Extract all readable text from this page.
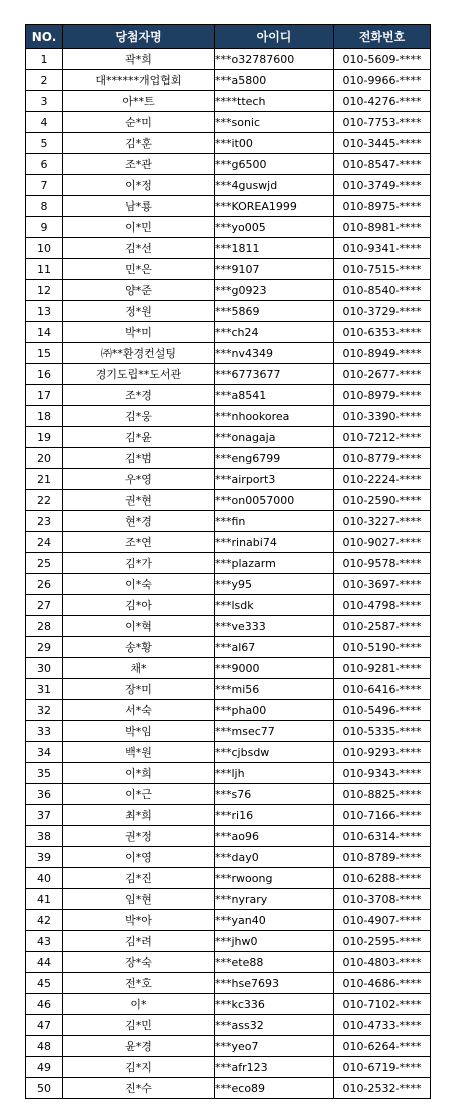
NO.	당첨자명	아이디	전화번호
1	곽*희	***o32787600	010-5609-****
2	대******개업협회	***a5800	010-9966-****
3	아**트	****ttech	010-4276-****
4	순*미	***sonic	010-7753-****
5	김*훈	***it00	010-3445-****
6	조*관	***g6500	010-8547-****
7	이*정	***4guswjd	010-3749-****
8	남*룡	***KOREA1999	010-8975-****
9	이*민	***yo005	010-8981-****
10	김*선	***1811	010-9341-****
11	민*은	***9107	010-7515-****
12	양*준	***g0923	010-8540-****
13	정*원	***5869	010-3729-****
14	박*미	***ch24	010-6353-****
15	㈜**환경컨설팅	***nv4349	010-8949-****
16	경기도립**도서관	***6773677	010-2677-****
17	조*경	***a8541	010-8979-****
18	김*웅	***nhookorea	010-3390-****
19	김*윤	***onagaja	010-7212-****
20	김*범	***eng6799	010-8779-****
21	우*영	***airport3	010-2224-****
22	권*현	***on0057000	010-2590-****
23	현*경	***fin	010-3227-****
24	조*연	***rinabi74	010-9027-****
25	김*가	***plazarm	010-9578-****
26	이*숙	***y95	010-3697-****
27	김*아	***lsdk	010-4798-****
28	이*혁	***ve333	010-2587-****
29	송*황	***al67	010-5190-****
30	채*	***9000	010-9281-****
31	장*미	***mi56	010-6416-****
32	서*숙	***pha00	010-5496-****
33	박*임	***msec77	010-5335-****
34	백*원	***cjbsdw	010-9293-****
35	이*희	***ljh	010-9343-****
36	이*근	***s76	010-8825-****
37	최*희	***ri16	010-7166-****
38	권*정	***ao96	010-6314-****
39	이*영	***day0	010-8789-****
40	김*진	***rwoong	010-6288-****
41	임*현	***nyrary	010-3708-****
42	박*아	***yan40	010-4907-****
43	김*려	***jhw0	010-2595-****
44	장*숙	***ete88	010-4803-****
45	전*호	***hse7693	010-4686-****
46	이*	***kc336	010-7102-****
47	김*민	***ass32	010-4733-****
48	윤*경	***yeo7	010-6264-****
49	김*지	***afr123	010-6719-****
50	진*수	***eco89	010-2532-****
